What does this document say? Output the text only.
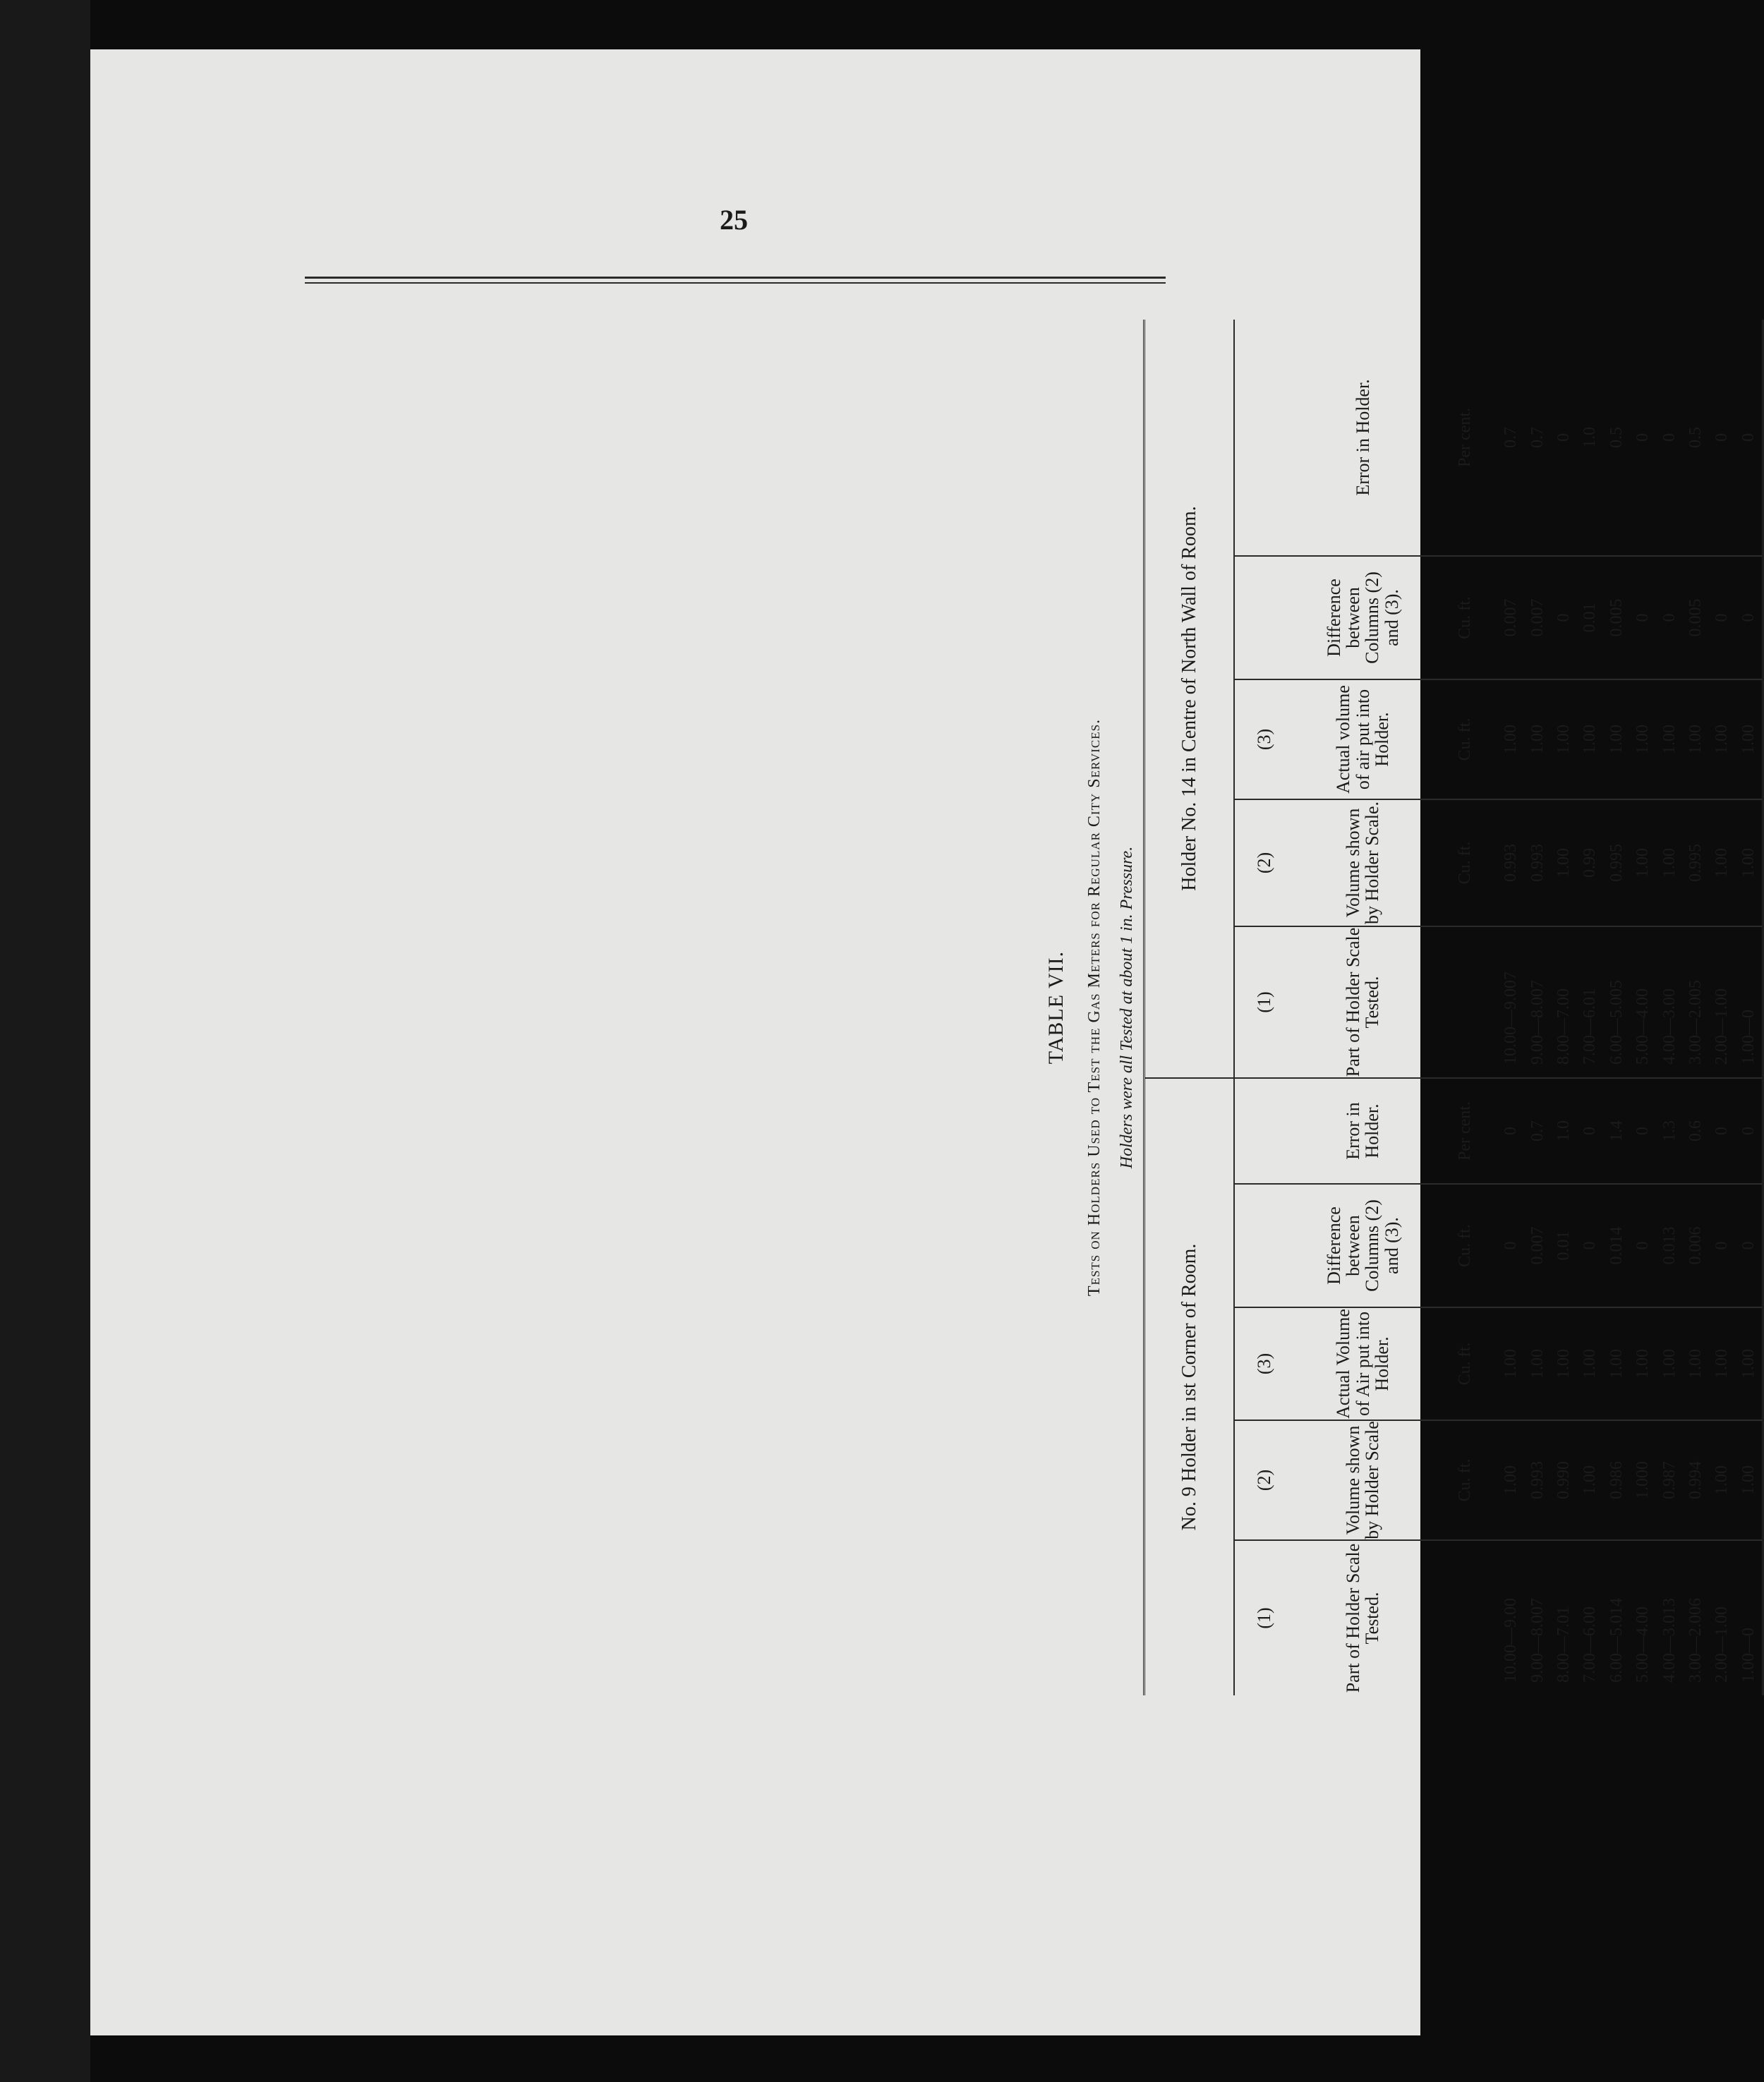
25
TABLE VII. Tests on Holders Used to Test the Gas Meters for Regular City Services. Holders were all Tested at about 1 in. Pressure.
No. 9 Holder in ıst Corner of Room.					Holder No. 14 in Centre of North Wall of Room.				
(1)	(2)	(3)			(1)	(2)	(3)		
Part of Holder Scale Tested.	Volume shown by Holder Scale	Actual Volume of Air put into Holder.	Difference between Columns (2) and (3).	Error in Holder.	Part of Holder Scale Tested.	Volume shown by Holder Scale.	Actual volume of air put into Holder.	Difference between Columns (2) and (3).	Error in Holder.
	Cu. ft.	Cu. ft.	Cu. ft.	Per cent.		Cu. ft.	Cu. ft.	Cu. ft.	Per cent.
10.00—9.00	1.00	1.00	0	0	10.00—9.007	0.993	1.00	0.007	0.7
9.00—8.007	0.993	1.00	0.007	0.7	9.00—8.007	0.993	1.00	0.007	0.7
8.00—7.01	0.990	1.00	0.01	1.0	8.00—7.00	1.00	1.00	0	0
7.00—6.00	1.00	1.00	0	0	7.00—6.01	0.99	1.00	0.01	1.0
6.00—5.014	0.986	1.00	0.014	1.4	6.00—5.005	0.995	1.00	0.005	0.5
5.00—4.00	1.000	1.00	0	0	5.00—4.00	1.00	1.00	0	0
4.00—3.013	0.987	1.00	0.013	1.3	4.00—3.00	1.00	1.00	0	0
3.00—2.006	0.994	1.00	0.006	0.6	3.00—2.005	0.995	1.00	0.005	0.5
2.00—1.00	1.00	1.00	0	0	2.00—1.00	1.00	1.00	0	0
1.00—0	1.00	1.00	0	0	1.00—0	1.00	1.00	0	0
